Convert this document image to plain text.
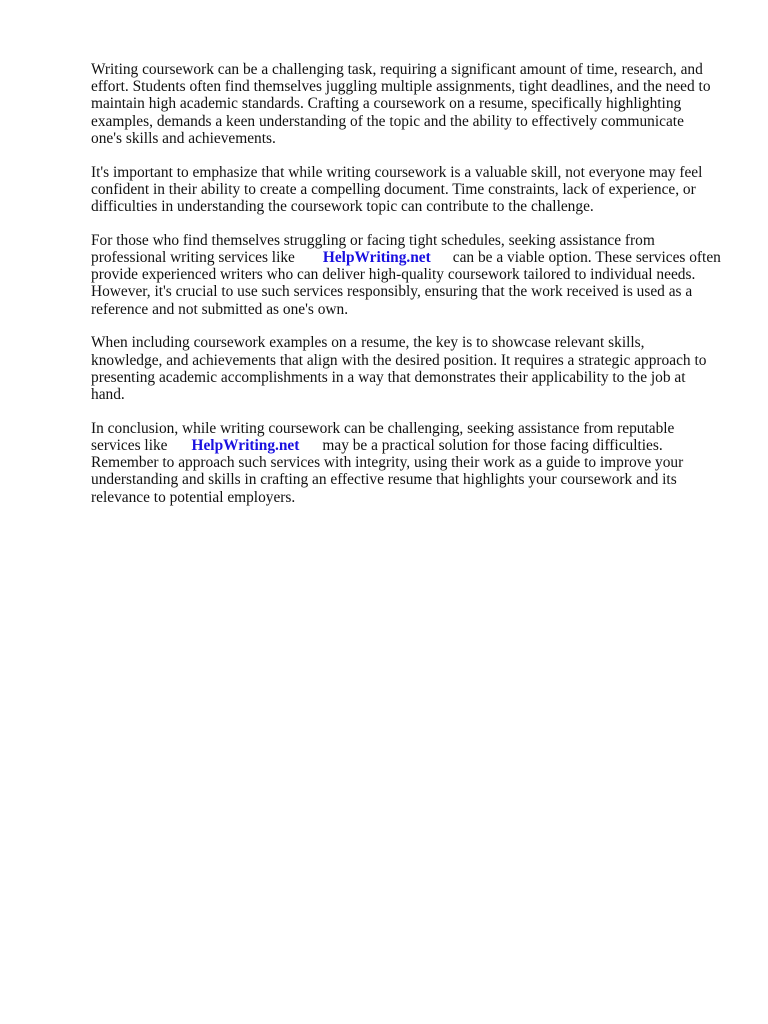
Writing coursework can be a challenging task, requiring a significant amount of time, research, and
effort. Students often find themselves juggling multiple assignments, tight deadlines, and the need to
maintain high academic standards. Crafting a coursework on a resume, specifically highlighting
examples, demands a keen understanding of the topic and the ability to effectively communicate
one's skills and achievements.

It's important to emphasize that while writing coursework is a valuable skill, not everyone may feel
confident in their ability to create a compelling document. Time constraints, lack of experience, or
difficulties in understanding the coursework topic can contribute to the challenge.

For those who find themselves struggling or facing tight schedules, seeking assistance from
professional writing services like HelpWriting.net can be a viable option. These services often
provide experienced writers who can deliver high-quality coursework tailored to individual needs.
However, it's crucial to use such services responsibly, ensuring that the work received is used as a
reference and not submitted as one's own.

When including coursework examples on a resume, the key is to showcase relevant skills,
knowledge, and achievements that align with the desired position. It requires a strategic approach to
presenting academic accomplishments in a way that demonstrates their applicability to the job at
hand.

In conclusion, while writing coursework can be challenging, seeking assistance from reputable
services like HelpWriting.net may be a practical solution for those facing difficulties.
Remember to approach such services with integrity, using their work as a guide to improve your
understanding and skills in crafting an effective resume that highlights your coursework and its
relevance to potential employers.
